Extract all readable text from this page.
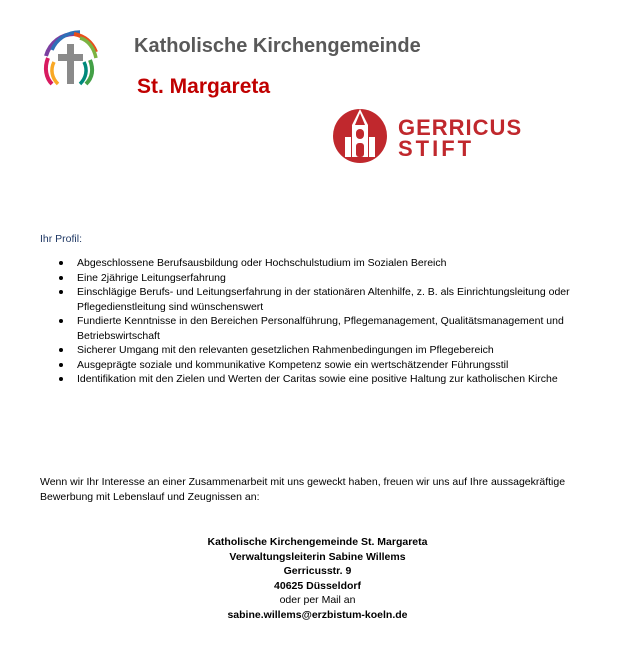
Katholische Kirchengemeinde
St. Margareta
GERRICUS
STIFT
Ihr Profil:
Abgeschlossene Berufsausbildung oder Hochschulstudium im Sozialen Bereich
Eine 2jährige Leitungserfahrung
Einschlägige Berufs- und Leitungserfahrung in der stationären Altenhilfe, z. B. als Einrichtungsleitung oder Pflegedienstleitung sind wünschenswert
Fundierte Kenntnisse in den Bereichen Personalführung, Pflegemanagement, Qualitätsmanagement und Betriebswirtschaft
Sicherer Umgang mit den relevanten gesetzlichen Rahmenbedingungen im Pflegebereich
Ausgeprägte soziale und kommunikative Kompetenz sowie ein wertschätzender Führungsstil
Identifikation mit den Zielen und Werten der Caritas sowie eine positive Haltung zur katholischen Kirche
Wenn wir Ihr Interesse an einer Zusammenarbeit mit uns geweckt haben, freuen wir uns auf Ihre aussagekräftige Bewerbung mit Lebenslauf und Zeugnissen an:
Katholische Kirchengemeinde St. Margareta
Verwaltungsleiterin Sabine Willems
Gerricusstr. 9
40625 Düsseldorf
oder per Mail an
sabine.willems@erzbistum-koeln.de
